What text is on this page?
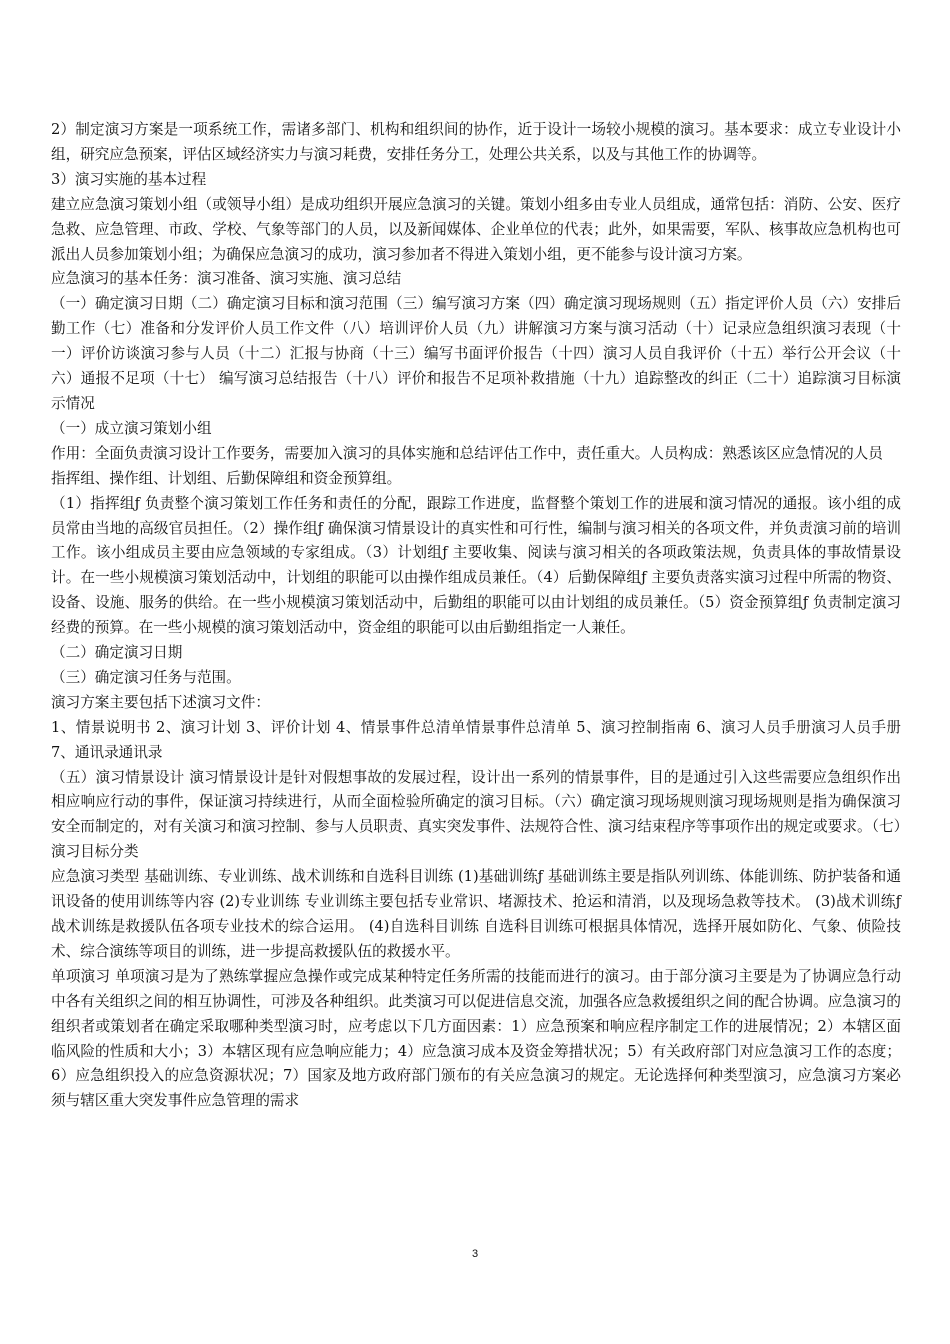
2）制定演习方案是一项系统工作，需诸多部门、机构和组织间的协作，近于设计一场较小规模的演习。基本要求：成立专业设计小组，研究应急预案，评估区域经济实力与演习耗费，安排任务分工，处理公共关系，以及与其他工作的协调等。

3）演习实施的基本过程

建立应急演习策划小组（或领导小组）是成功组织开展应急演习的关键。策划小组多由专业人员组成，通常包括：消防、公安、医疗急救、应急管理、市政、学校、气象等部门的人员，以及新闻媒体、企业单位的代表；此外，如果需要，军队、核事故应急机构也可派出人员参加策划小组；为确保应急演习的成功，演习参加者不得进入策划小组，更不能参与设计演习方案。

应急演习的基本任务：演习准备、演习实施、演习总结

（一）确定演习日期（二）确定演习目标和演习范围（三）编写演习方案（四）确定演习现场规则（五）指定评价人员（六）安排后勤工作（七）准备和分发评价人员工作文件（八）培训评价人员（九）讲解演习方案与演习活动（十）记录应急组织演习表现（十一）评价访谈演习参与人员（十二）汇报与协商（十三）编写书面评价报告（十四）演习人员自我评价（十五）举行公开会议（十六）通报不足项（十七） 编写演习总结报告（十八）评价和报告不足项补救措施（十九）追踪整改的纠正（二十）追踪演习目标演示情况

（一）成立演习策划小组

作用：全面负责演习设计工作要务，需要加入演习的具体实施和总结评估工作中，责任重大。人员构成：熟悉该区应急情况的人员

指挥组、操作组、计划组、后勤保障组和资金预算组。

（1）指挥组ƒ 负责整个演习策划工作任务和责任的分配，跟踪工作进度，监督整个策划工作的进展和演习情况的通报。该小组的成员常由当地的高级官员担任。（2）操作组ƒ 确保演习情景设计的真实性和可行性，编制与演习相关的各项文件，并负责演习前的培训工作。该小组成员主要由应急领域的专家组成。（3）计划组ƒ 主要收集、阅读与演习相关的各项政策法规，负责具体的事故情景设计。在一些小规模演习策划活动中，计划组的职能可以由操作组成员兼任。（4）后勤保障组ƒ 主要负责落实演习过程中所需的物资、设备、设施、服务的供给。在一些小规模演习策划活动中，后勤组的职能可以由计划组的成员兼任。（5）资金预算组ƒ 负责制定演习经费的预算。在一些小规模的演习策划活动中，资金组的职能可以由后勤组指定一人兼任。

（二）确定演习日期

（三）确定演习任务与范围。

演习方案主要包括下述演习文件：

1、情景说明书 2、演习计划 3、评价计划 4、情景事件总清单情景事件总清单 5、演习控制指南 6、演习人员手册演习人员手册 7、通讯录通讯录

（五）演习情景设计 演习情景设计是针对假想事故的发展过程，设计出一系列的情景事件，目的是通过引入这些需要应急组织作出相应响应行动的事件，保证演习持续进行，从而全面检验所确定的演习目标。（六）确定演习现场规则演习现场规则是指为确保演习安全而制定的，对有关演习和演习控制、参与人员职责、真实突发事件、法规符合性、演习结束程序等事项作出的规定或要求。（七）演习目标分类

应急演习类型 基础训练、专业训练、战术训练和自选科目训练 (1)基础训练ƒ 基础训练主要是指队列训练、体能训练、防护装备和通讯设备的使用训练等内容 (2)专业训练 专业训练主要包括专业常识、堵源技术、抢运和清消，以及现场急救等技术。 (3)战术训练ƒ 战术训练是救援队伍各项专业技术的综合运用。 (4)自选科目训练 自选科目训练可根据具体情况，选择开展如防化、气象、侦险技术、综合演练等项目的训练，进一步提高救援队伍的救援水平。

单项演习 单项演习是为了熟练掌握应急操作或完成某种特定任务所需的技能而进行的演习。由于部分演习主要是为了协调应急行动中各有关组织之间的相互协调性，可涉及各种组织。此类演习可以促进信息交流，加强各应急救援组织之间的配合协调。应急演习的组织者或策划者在确定采取哪种类型演习时，应考虑以下几方面因素：1）应急预案和响应程序制定工作的进展情况；2）本辖区面临风险的性质和大小；3）本辖区现有应急响应能力；4）应急演习成本及资金筹措状况；5）有关政府部门对应急演习工作的态度；6）应急组织投入的应急资源状况；7）国家及地方政府部门颁布的有关应急演习的规定。无论选择何种类型演习，应急演习方案必须与辖区重大突发事件应急管理的需求

3
